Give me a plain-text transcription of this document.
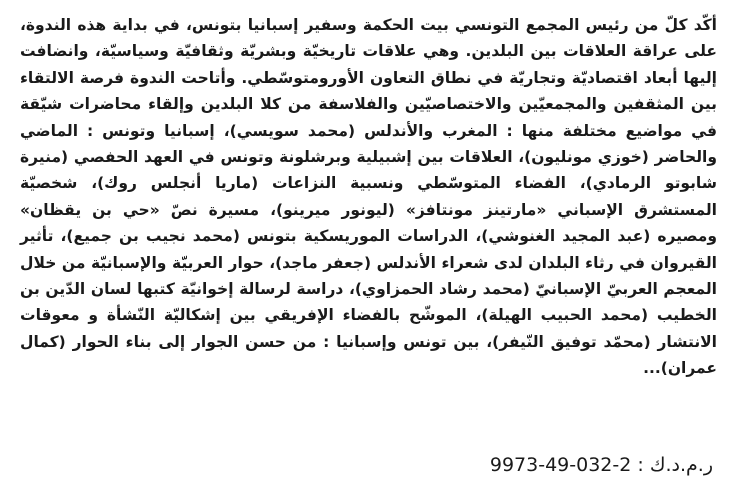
أكّد كلّ من رئيس المجمع التونسي بيت الحكمة وسفير إسبانيا بتونس، في بداية هذه الندوة، على عراقة العلاقات بين البلدين. وهي علاقات تاريخيّة وبشريّة وثقافيّة وسياسيّة، وانضافت إليها أبعاد اقتصاديّة وتجاريّة في نطاق التعاون الأورومتوسّطي. وأتاحت الندوة فرصة الالتقاء بين المثقفين والمجمعيّين والاختصاصيّين والفلاسفة من كلا البلدين وإلقاء محاضرات شيّقة في مواضيع مختلفة منها : المغرب والأندلس (محمد سويسي)، إسبانيا وتونس : الماضي والحاضر (خوزي مونليون)، العلاقات بين إشبيلية وبرشلونة وتونس في العهد الحفصي (منيرة شابوتو الرمادي)، الفضاء المتوسّطي ونسبية النزاعات (ماريا أنجلس روك)، شخصيّة المستشرق الإسباني «مارتينز مونتافز» (ليونور ميرينو)، مسيرة نصّ «حي بن يقظان» ومصيره (عبد المجيد الغنوشي)، الدراسات الموريسكية بتونس (محمد نجيب بن جميع)، تأثير القيروان في رثاء البلدان لدى شعراء الأندلس (جعفر ماجد)، حوار العربيّة والإسبانيّة من خلال المعجم العربيّ الإسبانيّ (محمد رشاد الحمزاوي)، دراسة لرسالة إخوانيّة كتبها لسان الدّين بن الخطيب (محمد الحبيب الهيلة)، الموشّح بالفضاء الإفريقي بين إشكاليّة النّشأة و معوقات الانتشار (محمّد توفيق النّيفر)، بين تونس وإسبانيا : من حسن الجوار إلى بناء الحوار (كمال عمران)...

ر.م.د.ك : 9973-49-032-2
